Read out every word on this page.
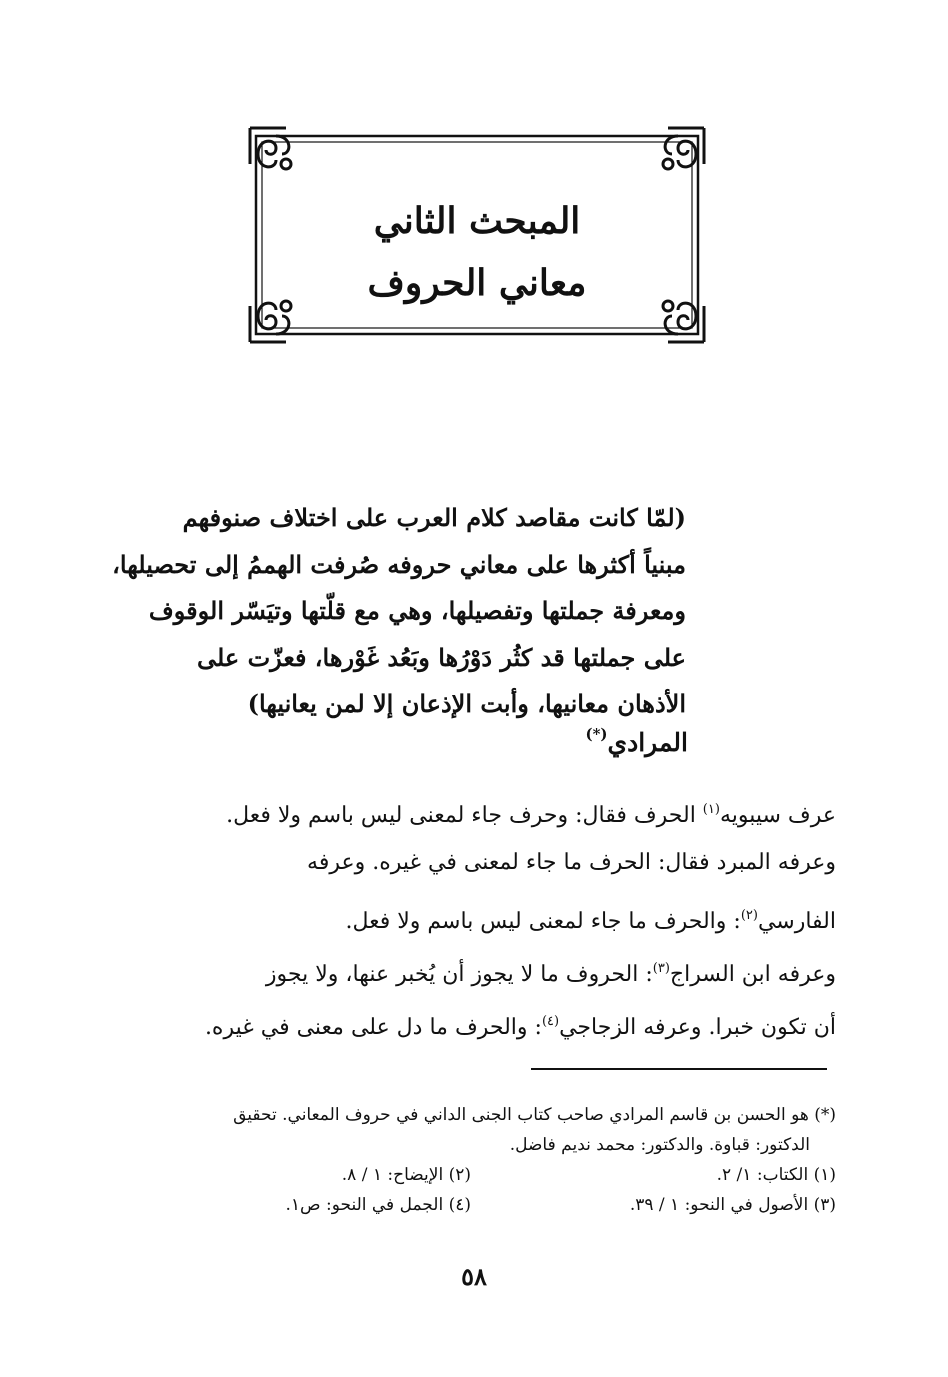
المبحث الثاني
معاني الحروف
(لمّا كانت مقاصد كلام العرب على اختلاف صنوفهم
مبنياً أكثرها على معاني حروفه صُرفت الهممُ إلى تحصيلها،
ومعرفة جملتها وتفصيلها، وهي مع قلّتها وتيَسّر الوقوف
على جملتها قد كثُر دَوْرُها وبَعُد غَوْرها، فعزّت على
الأذهان معانيها، وأبت الإذعان إلا لمن يعانيها)
المرادي(*)
عرف سيبويه$^{(١)}$ الحرف فقال: وحرف جاء لمعنى ليس باسم ولا فعل.
وعرفه المبرد فقال: الحرف ما جاء لمعنى في غيره. وعرفه
الفارسي$^{(٢)}$: والحرف ما جاء لمعنى ليس باسم ولا فعل.
وعرفه ابن السراج$^{(٣)}$: الحروف ما لا يجوز أن يُخبر عنها، ولا يجوز
أن تكون خبرا. وعرفه الزجاجي$^{(٤)}$: والحرف ما دل على معنى في غيره.
(*) هو الحسن بن قاسم المرادي صاحب كتاب الجنى الداني في حروف المعاني. تحقيق
الدكتور: قباوة. والدكتور: محمد نديم فاضل.
(١) الكتاب: ١/ ٢.
(٢) الإيضاح: ١ / ٨.
(٣) الأصول في النحو: ١ / ٣٩.
(٤) الجمل في النحو: ص١.
٥٨
